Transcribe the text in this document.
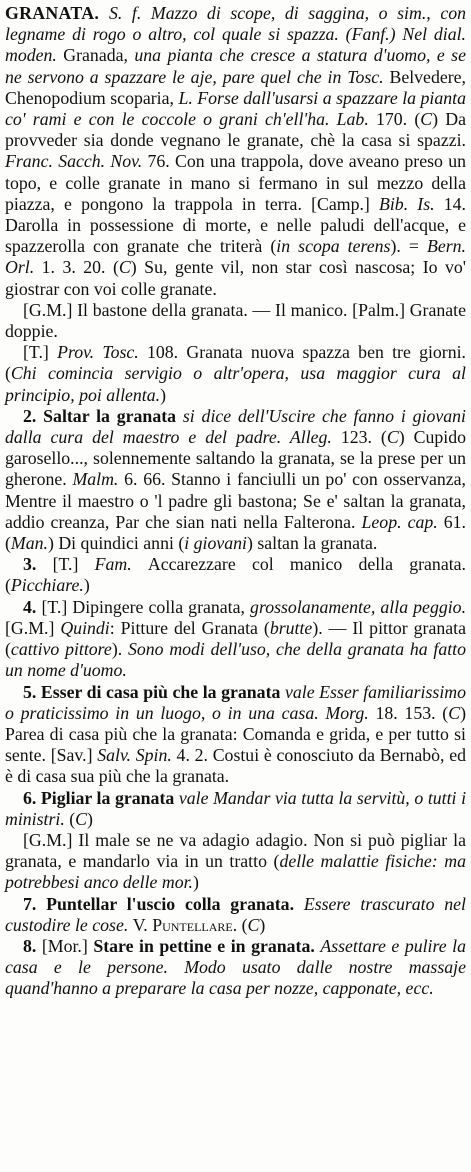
GRANATA. S. f. Mazzo di scope, di saggina, o sim., con legname di rogo o altro, col quale si spazza. (Fanf.) Nel dial. moden. Granada, una pianta che cresce a statura d'uomo, e se ne servono a spazzare le aje, pare quel che in Tosc. Belvedere, Chenopodium scoparia, L. Forse dall'usarsi a spazzare la pianta co' rami e con le coccole o grani ch'ell'ha. Lab. 170. (C) Da provveder sia donde vegnano le granate, chè la casa si spazzi. Franc. Sacch. Nov. 76. Con una trappola, dove aveano preso un topo, e colle granate in mano si fermano in sul mezzo della piazza, e pongono la trappola in terra. [Camp.] Bib. Is. 14. Darolla in possessione di morte, e nelle paludi dell'acque, e spazzerolla con granate che triterà (in scopa terens). = Bern. Orl. 1. 3. 20. (C) Su, gente vil, non star così nascosa; Io vo' giostrar con voi colle granate.

[G.M.] Il bastone della granata. — Il manico. [Palm.] Granate doppie.

[T.] Prov. Tosc. 108. Granata nuova spazza ben tre giorni. (Chi comincia servigio o altr'opera, usa maggior cura al principio, poi allenta.)

2. Saltar la granata si dice dell'Uscire che fanno i giovani dalla cura del maestro e del padre. Alleg. 123. (C) Cupido garosello..., solennemente saltando la granata, se la prese per un gherone. Malm. 6. 66. Stanno i fanciulli un po' con osservanza, Mentre il maestro o 'l padre gli bastona; Se e' saltan la granata, addio creanza, Par che sian nati nella Falterona. Leop. cap. 61. (Man.) Di quindici anni (i giovani) saltan la granata.

3. [T.] Fam. Accarezzare col manico della granata. (Picchiare.)

4. [T.] Dipingere colla granata, grossolanamente, alla peggio. [G.M.] Quindi: Pitture del Granata (brutte). — Il pittor granata (cattivo pittore). Sono modi dell'uso, che della granata ha fatto un nome d'uomo.

5. Esser di casa più che la granata vale Esser familiarissimo o praticissimo in un luogo, o in una casa. Morg. 18. 153. (C) Parea di casa più che la granata: Comanda e grida, e per tutto si sente. [Sav.] Salv. Spin. 4. 2. Costui è conosciuto da Bernabò, ed è di casa sua più che la granata.

6. Pigliar la granata vale Mandar via tutta la servitù, o tutti i ministri. (C)

[G.M.] Il male se ne va adagio adagio. Non si può pigliar la granata, e mandarlo via in un tratto (delle malattie fisiche: ma potrebbesi anco delle mor.)

7. Puntellar l'uscio colla granata. Essere trascurato nel custodire le cose. V. Puntellare. (C)

8. [Mor.] Stare in pettine e in granata. Assettare e pulire la casa e le persone. Modo usato dalle nostre massaje quand'hanno a preparare la casa per nozze, capponate, ecc.
